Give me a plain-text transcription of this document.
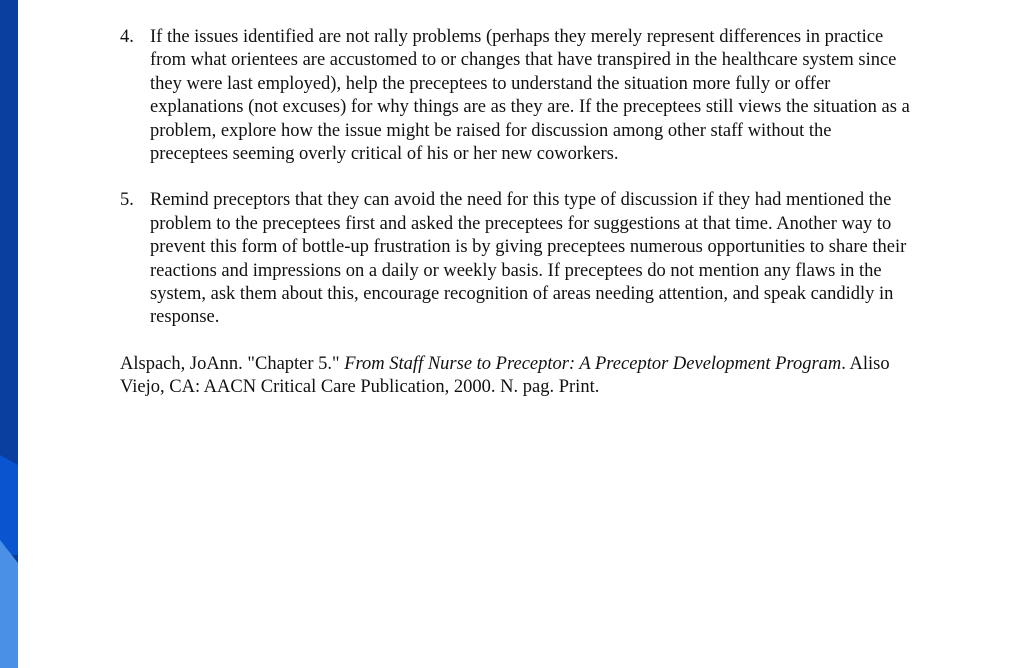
4. If the issues identified are not rally problems (perhaps they merely represent differences in practice from what orientees are accustomed to or changes that have transpired in the healthcare system since they were last employed), help the preceptees to understand the situation more fully or offer explanations (not excuses) for why things are as they are. If the preceptees still views the situation as a problem, explore how the issue might be raised for discussion among other staff without the preceptees seeming overly critical of his or her new coworkers.
5. Remind preceptors that they can avoid the need for this type of discussion if they had mentioned the problem to the preceptees first and asked the preceptees for suggestions at that time. Another way to prevent this form of bottle-up frustration is by giving preceptees numerous opportunities to share their reactions and impressions on a daily or weekly basis. If preceptees do not mention any flaws in the system, ask them about this, encourage recognition of areas needing attention, and speak candidly in response.
Alspach, JoAnn. "Chapter 5." From Staff Nurse to Preceptor: A Preceptor Development Program. Aliso Viejo, CA: AACN Critical Care Publication, 2000. N. pag. Print.
